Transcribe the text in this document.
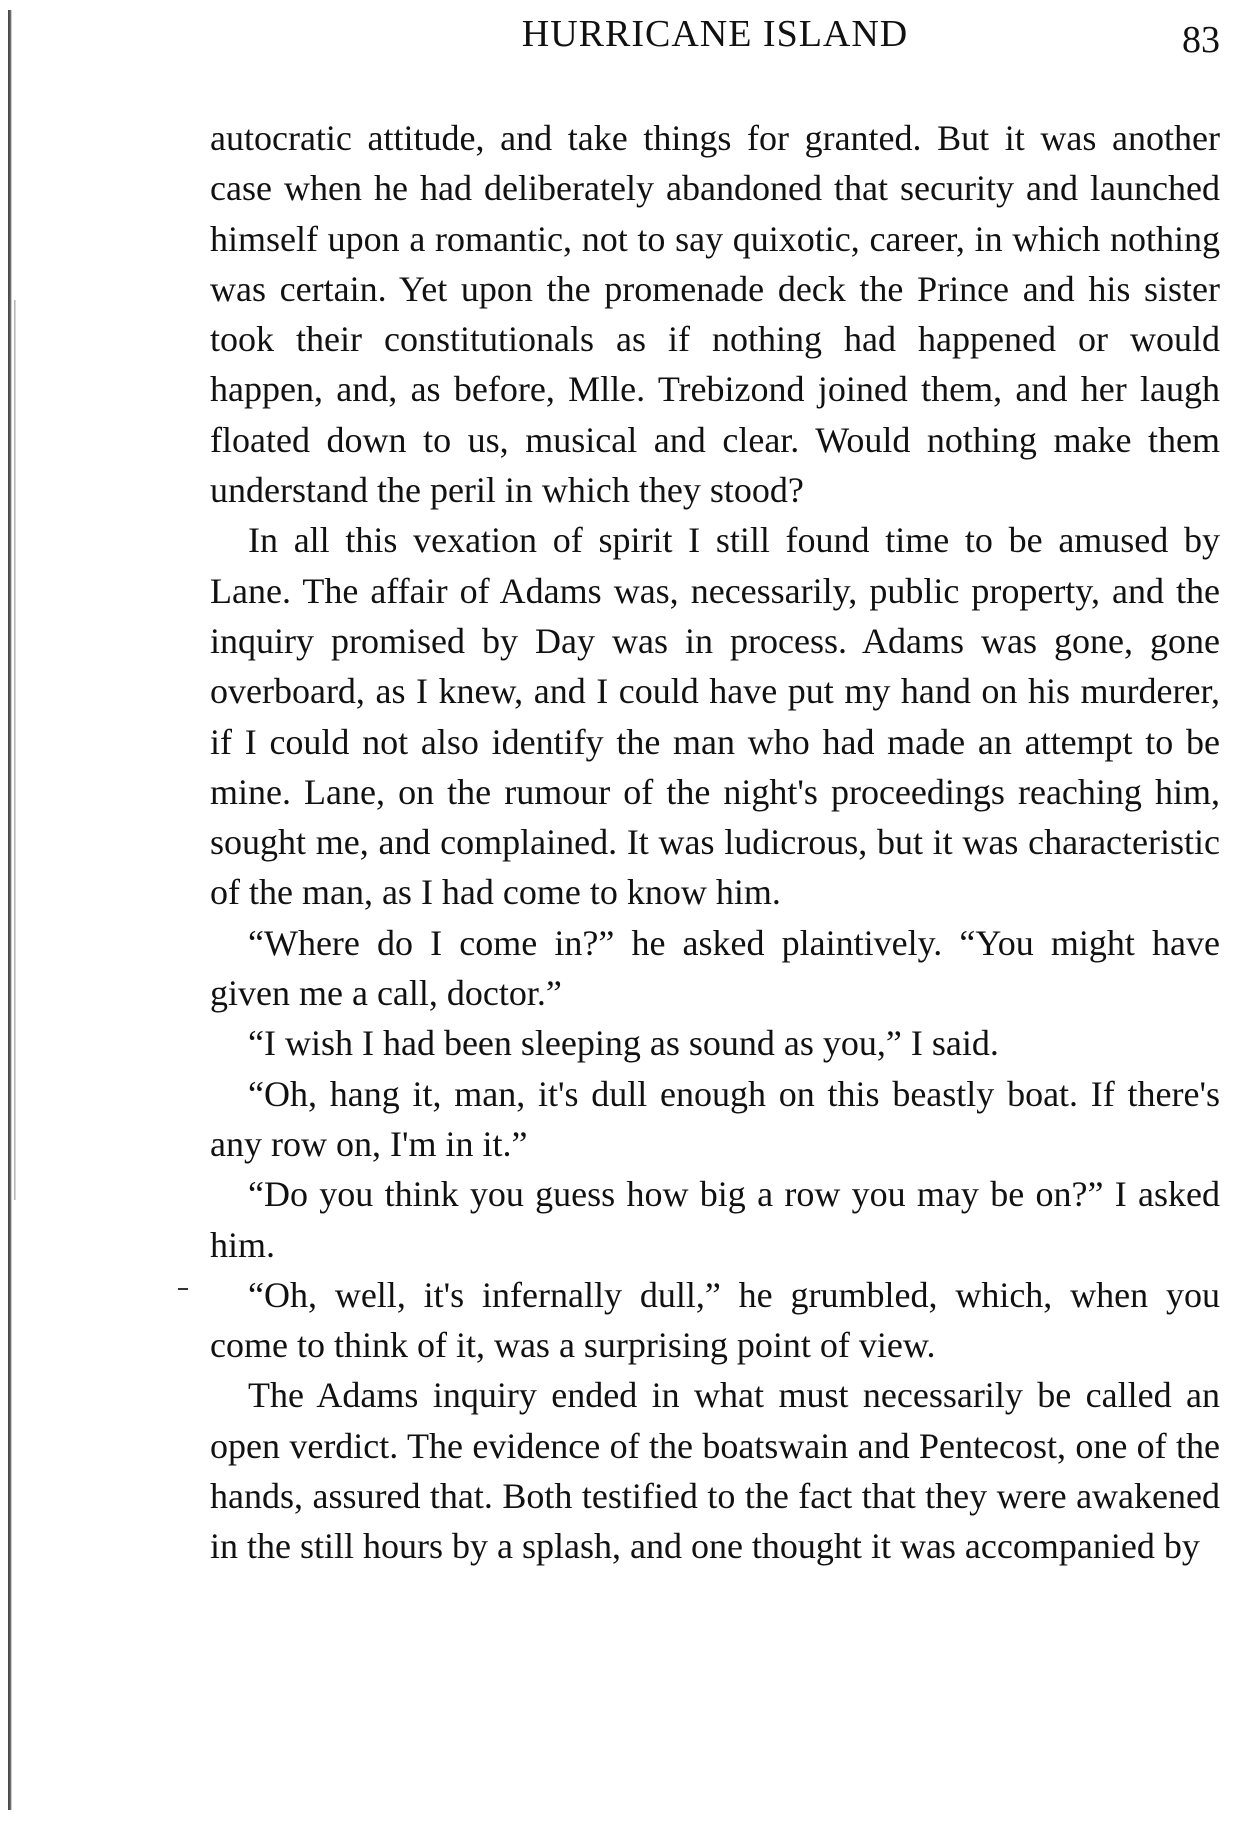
HURRICANE ISLAND	83

autocratic attitude, and take things for granted. But it was another case when he had deliberately abandoned that security and launched himself upon a romantic, not to say quixotic, career, in which nothing was certain. Yet upon the promenade deck the Prince and his sister took their constitutionals as if nothing had happened or would happen, and, as before, Mlle. Trebizond joined them, and her laugh floated down to us, musical and clear. Would nothing make them understand the peril in which they stood?

In all this vexation of spirit I still found time to be amused by Lane. The affair of Adams was, necessarily, public property, and the inquiry promised by Day was in process. Adams was gone, gone overboard, as I knew, and I could have put my hand on his murderer, if I could not also identify the man who had made an attempt to be mine. Lane, on the rumour of the night's proceedings reaching him, sought me, and complained. It was ludicrous, but it was characteristic of the man, as I had come to know him.

“Where do I come in?” he asked plaintively. “You might have given me a call, doctor.”

“I wish I had been sleeping as sound as you,” I said.

“Oh, hang it, man, it's dull enough on this beastly boat. If there's any row on, I'm in it.”

“Do you think you guess how big a row you may be on?” I asked him.

“Oh, well, it's infernally dull,” he grumbled, which, when you come to think of it, was a surprising point of view.

The Adams inquiry ended in what must necessarily be called an open verdict. The evidence of the boatswain and Pentecost, one of the hands, assured that. Both testified to the fact that they were awakened in the still hours by a splash, and one thought it was accompanied by
